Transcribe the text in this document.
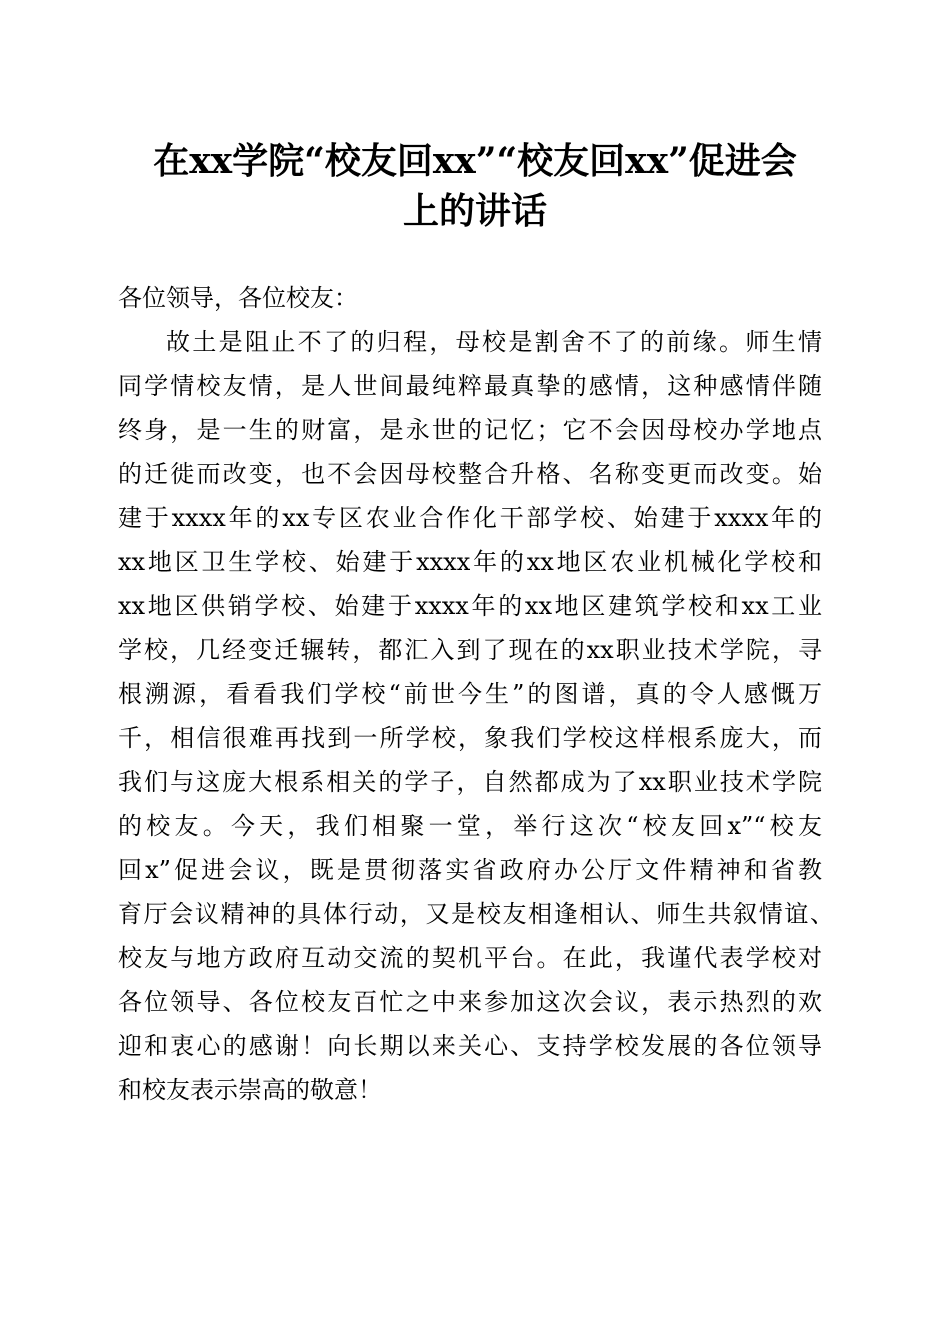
在xx学院“校友回xx”“校友回xx”促进会
上的讲话
各位领导，各位校友：
故土是阻止不了的归程，母校是割舍不了的前缘。师生情
同学情校友情，是人世间最纯粹最真挚的感情，这种感情伴随
终身，是一生的财富，是永世的记忆；它不会因母校办学地点
的迁徙而改变，也不会因母校整合升格、名称变更而改变。始
建于xxxx年的xx专区农业合作化干部学校、始建于xxxx年的
xx地区卫生学校、始建于xxxx年的xx地区农业机械化学校和
xx地区供销学校、始建于xxxx年的xx地区建筑学校和xx工业
学校，几经变迁辗转，都汇入到了现在的xx职业技术学院，寻
根溯源，看看我们学校“前世今生”的图谱，真的令人感慨万
千，相信很难再找到一所学校，象我们学校这样根系庞大，而
我们与这庞大根系相关的学子，自然都成为了xx职业技术学院
的校友。今天，我们相聚一堂，举行这次“校友回x”“校友
回x”促进会议，既是贯彻落实省政府办公厅文件精神和省教
育厅会议精神的具体行动，又是校友相逢相认、师生共叙情谊、
校友与地方政府互动交流的契机平台。在此，我谨代表学校对
各位领导、各位校友百忙之中来参加这次会议，表示热烈的欢
迎和衷心的感谢！向长期以来关心、支持学校发展的各位领导
和校友表示崇高的敬意！
